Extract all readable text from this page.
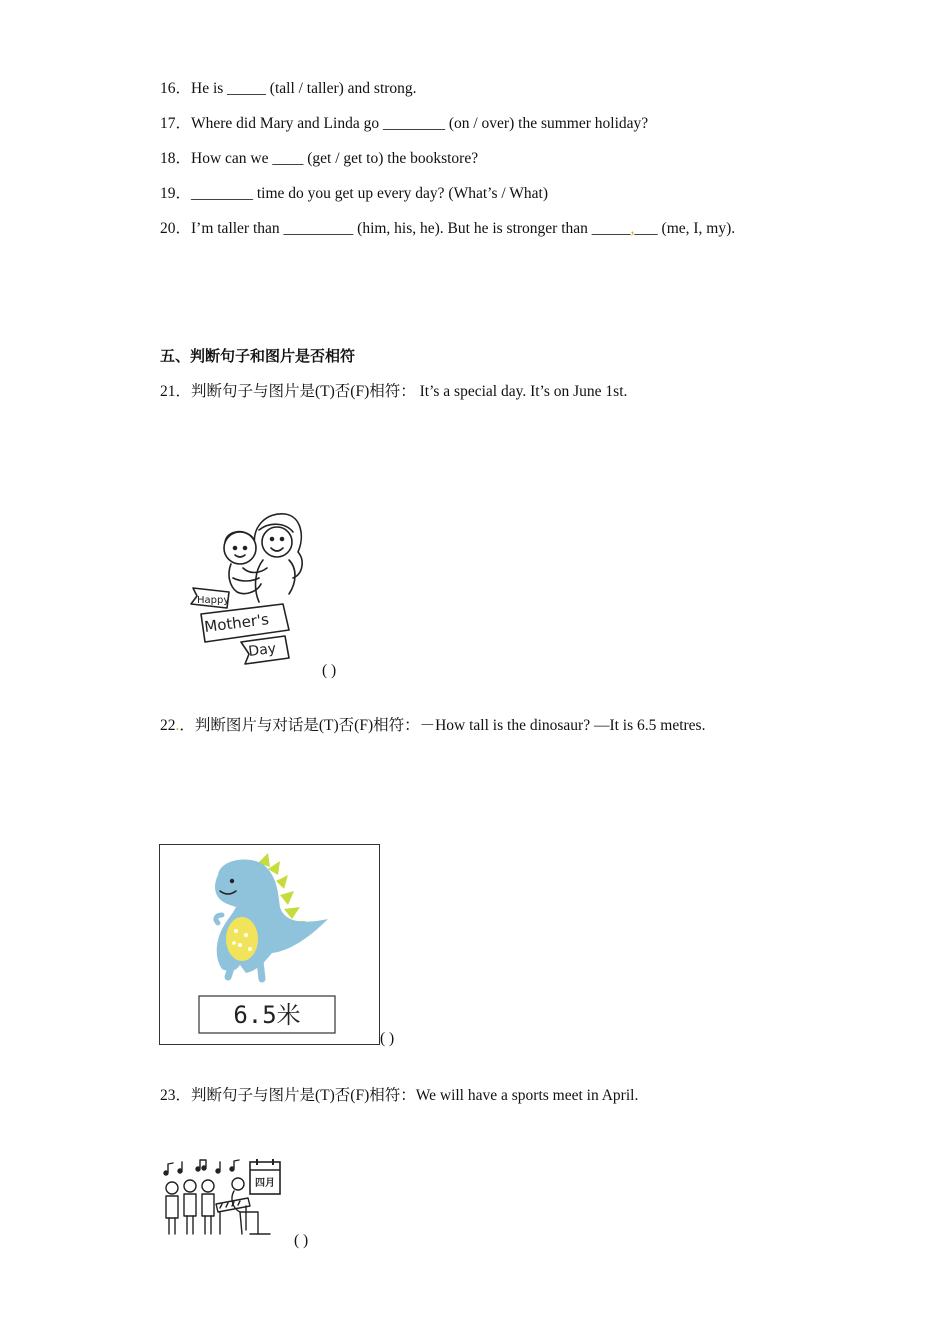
16．He is _____ (tall / taller) and strong.
17．Where did Mary and Linda go ________ (on / over) the summer holiday?
18．How can we ____ (get / get to) the bookstore?
19．________ time do you get up every day? (What’s / What)
20．I’m taller than _________ (him, his, he). But he is stronger than _____,___ (me, I, my).
五、判断句子和图片是否相符
21．判断句子与图片是(T)否(F)相符： It’s a special day. It’s on June 1st.
Happy
Mother's
Day
( )
22.．判断图片与对话是(T)否(F)相符：－How tall is the dinosaur? —It is 6.5 metres.
6.5米
( )
23．判断句子与图片是(T)否(F)相符：We will have a sports meet in April.
四月
( )
